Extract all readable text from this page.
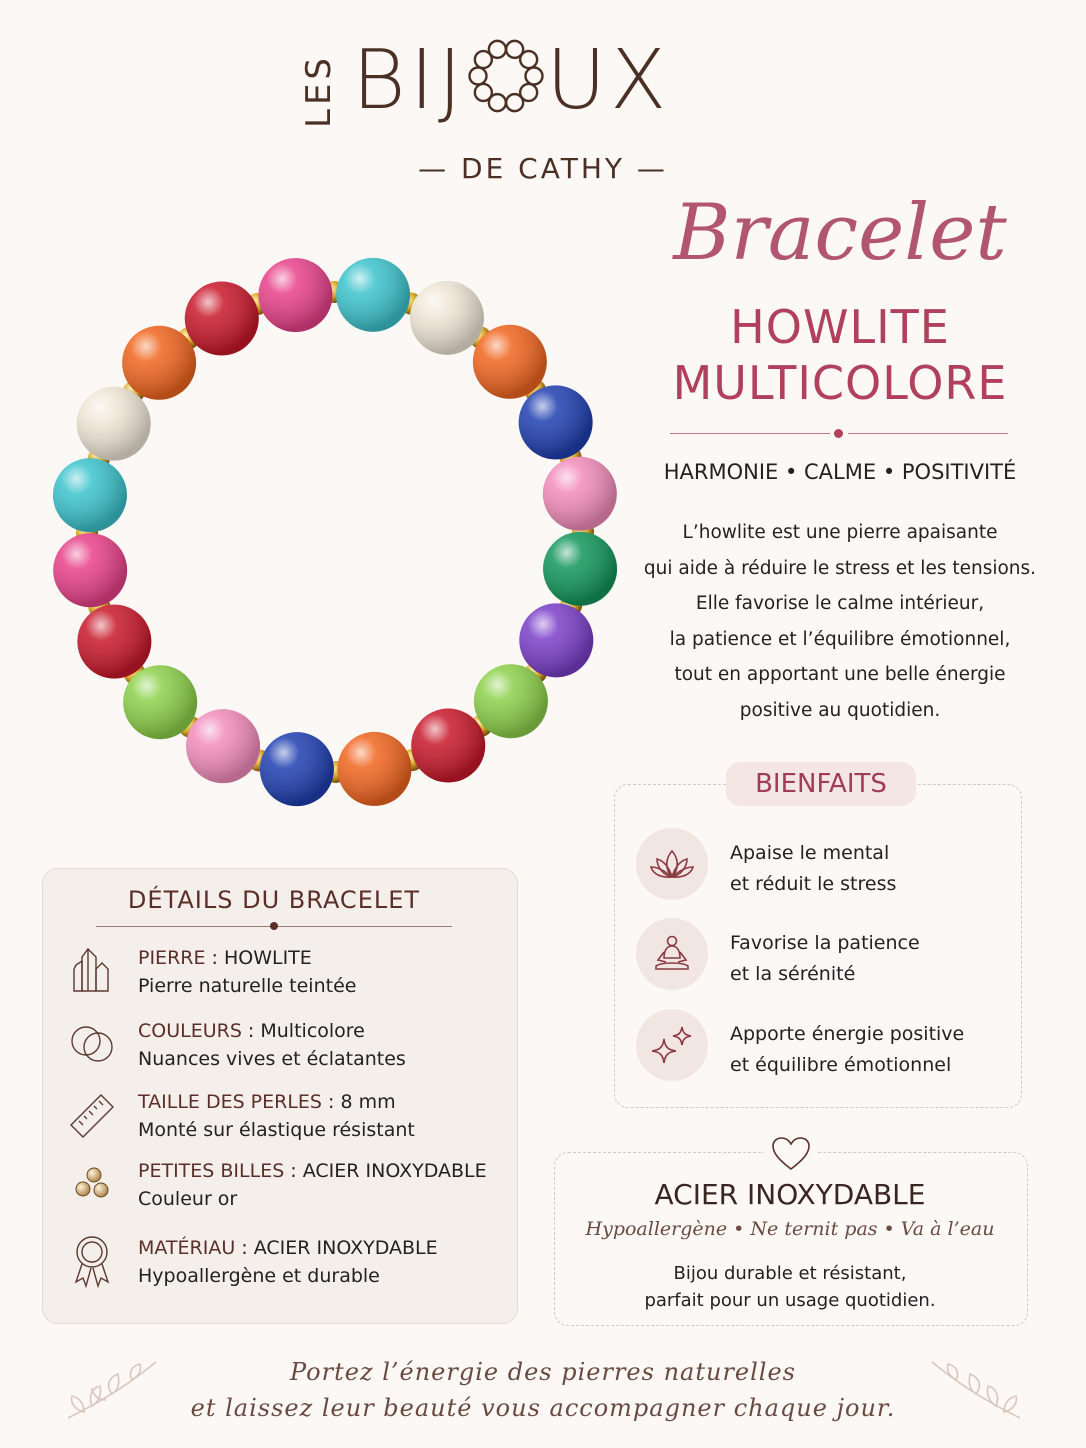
LES BIJ UX
— DE CATHY —
Bracelet
HOWLITE
MULTICOLORE
HARMONIE • CALME • POSITIVITÉ

L’howlite est une pierre apaisante

qui aide à réduire le stress et les tensions.

Elle favorise le calme intérieur,

la patience et l’équilibre émotionnel,

tout en apportant une belle énergie

positive au quotidien.

BIENFAITS
Apaise le mental
et réduit le stress
Favorise la patience
et la sérénité
Apporte énergie positive
et équilibre émotionnel
DÉTAILS DU BRACELET
PIERRE : HOWLITE
Pierre naturelle teintée
COULEURS : Multicolore
Nuances vives et éclatantes
TAILLE DES PERLES : 8 mm
Monté sur élastique résistant
PETITES BILLES : ACIER INOXYDABLE
Couleur or
MATÉRIAU : ACIER INOXYDABLE
Hypoallergène et durable
ACIER INOXYDABLE
Hypoallergène • Ne ternit pas • Va à l’eau
Bijou durable et résistant,
parfait pour un usage quotidien.
Portez l’énergie des pierres naturelles
et laissez leur beauté vous accompagner chaque jour.
